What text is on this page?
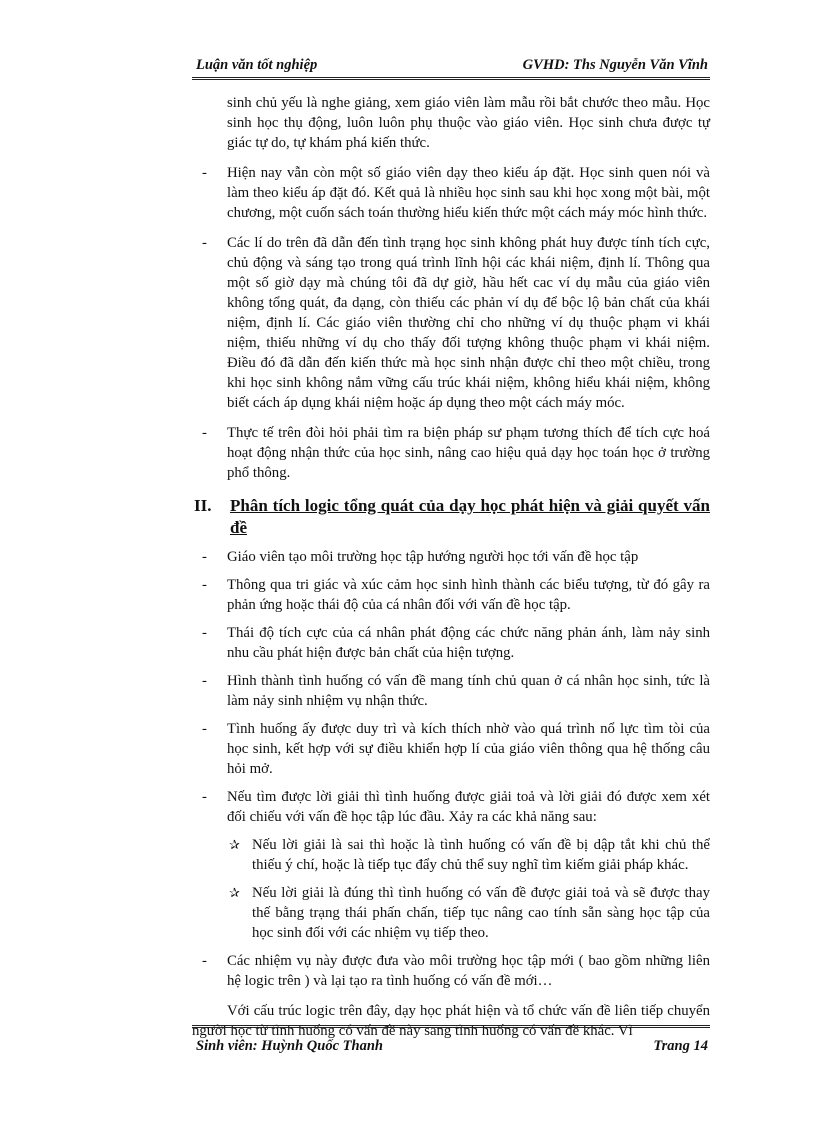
Luận văn tốt nghiệp	GVHD: Ths Nguyễn Văn Vĩnh

sinh chủ yếu là nghe giảng, xem giáo viên làm mẫu rồi bắt chước theo mẫu. Học sinh học thụ động, luôn luôn phụ thuộc vào giáo viên. Học sinh chưa được tự giác tự do, tự khám phá kiến thức.

- Hiện nay vẫn còn một số giáo viên dạy theo kiểu áp đặt. Học sinh quen nói và làm theo kiểu áp đặt đó. Kết quả là nhiều học sinh sau khi học xong một bài, một chương, một cuốn sách toán thường hiểu kiến thức một cách máy móc hình thức.
- Các lí do trên đã dẫn đến tình trạng học sinh không phát huy được tính tích cực, chủ động và sáng tạo trong quá trình lĩnh hội các khái niệm, định lí. Thông qua một số giờ dạy mà chúng tôi đã dự giờ, hầu hết cac ví dụ mẫu của giáo viên không tổng quát, đa dạng, còn thiếu các phản ví dụ để bộc lộ bản chất của khái niệm, định lí. Các giáo viên thường chỉ cho những ví dụ thuộc phạm vi khái niệm, thiếu những ví dụ cho thấy đối tượng không thuộc phạm vi khái niệm. Điều đó đã dẫn đến kiến thức mà học sinh nhận được chỉ theo một chiều, trong khi học sinh không nắm vững cấu trúc khái niệm, không hiểu khái niệm, không biết cách áp dụng khái niệm hoặc áp dụng theo một cách máy móc.
- Thực tế trên đòi hỏi phải tìm ra biện pháp sư phạm tương thích để tích cực hoá hoạt động nhận thức của học sinh, nâng cao hiệu quả dạy học toán học ở trường phổ thông.
II. Phân tích logic tổng quát của dạy học phát hiện và giải quyết vấn đề
- Giáo viên tạo môi trường học tập hướng người học tới vấn đề học tập
- Thông qua tri giác và xúc cảm học sinh hình thành các biểu tượng, từ đó gây ra phản ứng hoặc thái độ của cá nhân đối với vấn đề học tập.
- Thái độ tích cực của cá nhân phát động các chức năng phản ánh, làm nảy sinh nhu cầu phát hiện được bản chất của hiện tượng.
- Hình thành tình huống có vấn đề mang tính chủ quan ở cá nhân học sinh, tức là làm nảy sinh nhiệm vụ nhận thức.
- Tình huống ấy được duy trì và kích thích nhờ vào quá trình nổ lực tìm tòi của học sinh, kết hợp với sự điều khiển hợp lí của giáo viên thông qua hệ thống câu hỏi mở.
- Nếu tìm được lời giải thì tình huống được giải toả và lời giải đó được xem xét đối chiếu với vấn đề học tập lúc đầu. Xảy ra các khả năng sau:
✰ Nếu lời giải là sai thì hoặc là tình huống có vấn đề bị dập tắt khi chủ thể thiếu ý chí, hoặc là tiếp tục đẩy chủ thể suy nghĩ tìm kiếm giải pháp khác.
✰ Nếu lời giải là đúng thì tình huống có vấn đề được giải toả và sẽ được thay thế bằng trạng thái phấn chấn, tiếp tục nâng cao tính sẵn sàng học tập của học sinh đối với các nhiệm vụ tiếp theo.
- Các nhiệm vụ này được đưa vào môi trường học tập mới ( bao gồm những liên hệ logic trên ) và lại tạo ra tình huống có vấn đề mới…

Với cấu trúc logic trên đây, dạy học phát hiện và tổ chức vấn đề liên tiếp chuyển người học từ tình huống có vấn đề này sang tình huống có vấn đề khác. Vì

Sinh viên: Huỳnh Quốc Thanh	Trang 14
